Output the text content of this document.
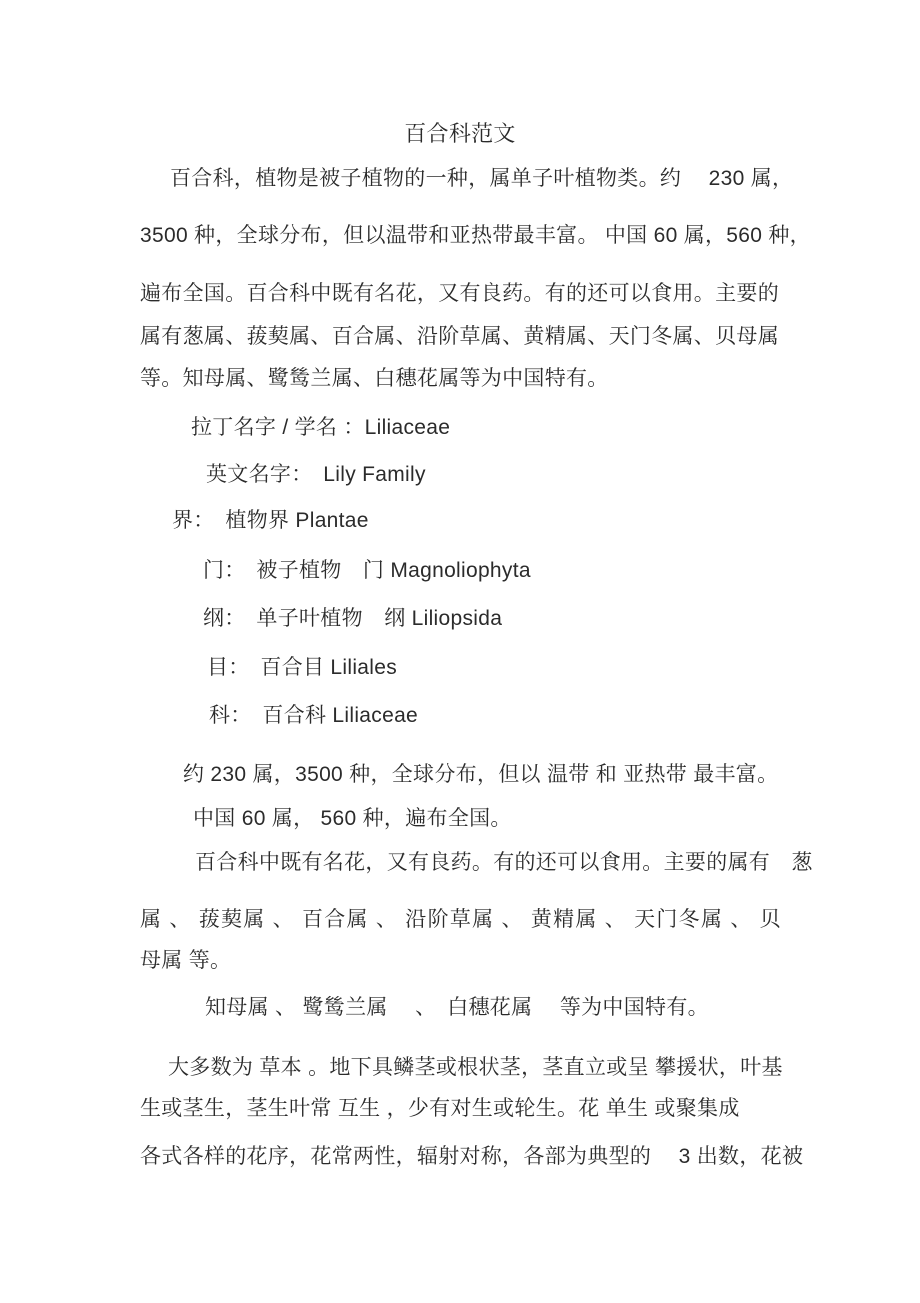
百合科范文
百合科，植物是被子植物的一种，属单子叶植物类。约　 230 属，
3500 种，全球分布，但以温带和亚热带最丰富。 中国 60 属，560 种，
遍布全国。百合科中既有名花，又有良药。有的还可以食用。主要的
属有葱属、菝葜属、百合属、沿阶草属、黄精属、天门冬属、贝母属
等。知母属、鹭鸶兰属、白穗花属等为中国特有。
拉丁名字 / 学名 ：Liliaceae
英文名字：　Lily Family
界：　植物界 Plantae
门：　被子植物　门 Magnoliophyta
纲：　单子叶植物　纲 Liliopsida
目：　百合目 Liliales
科：　百合科 Liliaceae
约 230 属，3500 种，全球分布，但以 温带 和 亚热带 最丰富。
中国 60 属， 560 种，遍布全国。
百合科中既有名花，又有良药。有的还可以食用。主要的属有　葱
属 、 菝葜属 、 百合属 、 沿阶草属 、 黄精属 、 天门冬属 、 贝
母属 等。
知母属 、 鹭鸶兰属 　、　白穗花属　 等为中国特有。
大多数为 草本 。地下具鳞茎或根状茎，茎直立或呈 攀援状，叶基
生或茎生，茎生叶常 互生 ，少有对生或轮生。花 单生 或聚集成
各式各样的花序，花常两性，辐射对称，各部为典型的　 3 出数，花被
